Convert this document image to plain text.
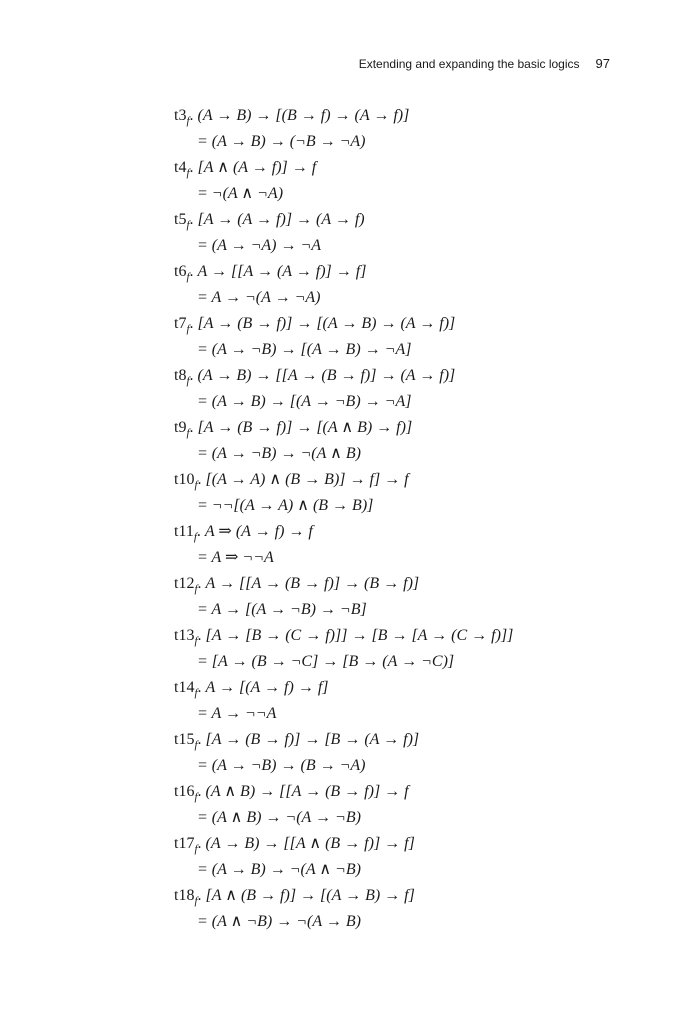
Extending and expanding the basic logics 97
$t3_f$. (A → B) → [(B → f) → (A → f)]
= (A → B) → (¬B → ¬A)
$t4_f$. [A ∧ (A → f)] → f
= ¬(A ∧ ¬A)
$t5_f$. [A → (A → f)] → (A → f)
= (A → ¬A) → ¬A
$t6_f$. A → [[A → (A → f)] → f]
= A → ¬(A → ¬A)
$t7_f$. [A → (B → f)] → [(A → B) → (A → f)]
= (A → ¬B) → [(A → B) → ¬A]
$t8_f$. (A → B) → [[A → (B → f)] → (A → f)]
= (A → B) → [(A → ¬B) → ¬A]
$t9_f$. [A → (B → f)] → [(A ∧ B) → f)]
= (A → ¬B) → ¬(A ∧ B)
$t10_f$. [(A → A) ∧ (B → B)] → f] → f
= ¬¬[(A → A) ∧ (B → B)]
$t11_f$. A ⇒ (A → f) → f
= A ⇒ ¬¬A
$t12_f$. A → [[A → (B → f)] → (B → f)]
= A → [(A → ¬B) → ¬B]
$t13_f$. [A → [B → (C → f)]] → [B → [A → (C → f)]]
= [A → (B → ¬C] → [B → (A → ¬C)]
$t14_f$. A → [(A → f) → f]
= A → ¬¬A
$t15_f$. [A → (B → f)] → [B → (A → f)]
= (A → ¬B) → (B → ¬A)
$t16_f$. (A ∧ B) → [[A → (B → f)] → f
= (A ∧ B) → ¬(A → ¬B)
$t17_f$. (A → B) → [[A ∧ (B → f)] → f]
= (A → B) → ¬(A ∧ ¬B)
$t18_f$. [A ∧ (B → f)] → [(A → B) → f]
= (A ∧ ¬B) → ¬(A → B)
